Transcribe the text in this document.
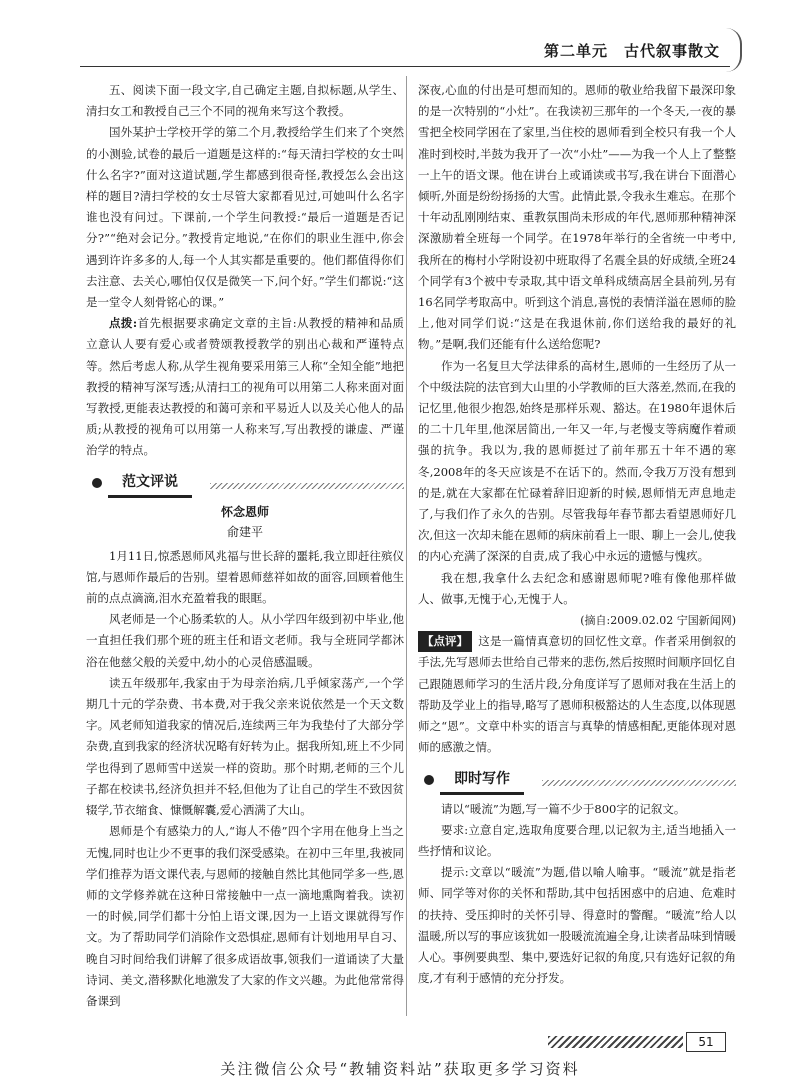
第二单元　古代叙事散文

五、阅读下面一段文字,自己确定主题,自拟标题,从学生、清扫女工和教授自己三个不同的视角来写这个教授。

国外某护士学校开学的第二个月,教授给学生们来了个突然的小测验,试卷的最后一道题是这样的:“每天清扫学校的女士叫什么名字?”面对这道试题,学生都感到很奇怪,教授怎么会出这样的题目?清扫学校的女士尽管大家都看见过,可她叫什么名字谁也没有问过。下课前,一个学生问教授:“最后一道题是否记分?”“绝对会记分。”教授肯定地说,“在你们的职业生涯中,你会遇到许许多多的人,每一个人其实都是重要的。他们都值得你们去注意、去关心,哪怕仅仅是微笑一下,问个好。”学生们都说:“这是一堂令人刻骨铭心的课。”

点拨:首先根据要求确定文章的主旨:从教授的精神和品质立意认人要有爱心或者赞颂教授教学的别出心裁和严谨特点等。然后考虑人称,从学生视角要采用第三人称“全知全能”地把教授的精神写深写透;从清扫工的视角可以用第二人称来面对面写教授,更能表达教授的和蔼可亲和平易近人以及关心他人的品质;从教授的视角可以用第一人称来写,写出教授的谦虚、严谨治学的特点。

范文评说
怀念恩师
俞建平

1月11日,惊悉恩师风兆福与世长辞的噩耗,我立即赶往殡仪馆,与恩师作最后的告别。望着恩师慈祥如故的面容,回顾着他生前的点点滴滴,泪水充盈着我的眼眶。

风老师是一个心肠柔软的人。从小学四年级到初中毕业,他一直担任我们那个班的班主任和语文老师。我与全班同学都沐浴在他慈父般的关爱中,幼小的心灵倍感温暖。

读五年级那年,我家由于为母亲治病,几乎倾家荡产,一个学期几十元的学杂费、书本费,对于我父亲来说依然是一个天文数字。风老师知道我家的情况后,连续两三年为我垫付了大部分学杂费,直到我家的经济状况略有好转为止。据我所知,班上不少同学也得到了恩师雪中送炭一样的资助。那个时期,老师的三个儿子都在校读书,经济负担并不轻,但他为了让自己的学生不致因贫辍学,节衣缩食、慷慨解囊,爱心洒满了大山。

恩师是个有感染力的人,“诲人不倦”四个字用在他身上当之无愧,同时也让少不更事的我们深受感染。在初中三年里,我被同学们推荐为语文课代表,与恩师的接触自然比其他同学多一些,恩师的文学修养就在这种日常接触中一点一滴地熏陶着我。读初一的时候,同学们都十分怕上语文课,因为一上语文课就得写作文。为了帮助同学们消除作文恐惧症,恩师有计划地用早自习、晚自习时间给我们讲解了很多成语故事,领我们一道诵读了大量诗词、美文,潜移默化地激发了大家的作文兴趣。为此他常常得备课到

深夜,心血的付出是可想而知的。恩师的敬业给我留下最深印象的是一次特别的“小灶”。在我读初三那年的一个冬天,一夜的暴雪把全校同学困在了家里,当住校的恩师看到全校只有我一个人准时到校时,半鼓为我开了一次“小灶”——为我一个人上了整整一上午的语文课。他在讲台上或诵读或书写,我在讲台下面潜心倾听,外面是纷纷扬扬的大雪。此情此景,令我永生难忘。在那个十年动乱刚刚结束、重教氛围尚未形成的年代,恩师那种精神深深激励着全班每一个同学。在1978年举行的全省统一中考中,我所在的梅村小学附设初中班取得了名震全县的好成绩,全班24个同学有3个被中专录取,其中语文单科成绩高居全县前列,另有16名同学考取高中。听到这个消息,喜悦的表情洋溢在恩师的脸上,他对同学们说:“这是在我退休前,你们送给我的最好的礼物。”是啊,我们还能有什么送给您呢?

作为一名复旦大学法律系的高材生,恩师的一生经历了从一个中级法院的法官到大山里的小学教师的巨大落差,然而,在我的记忆里,他很少抱怨,始终是那样乐观、豁达。在1980年退休后的二十几年里,他深居简出,一年又一年,与老慢支等病魔作着顽强的抗争。我以为,我的恩师挺过了前年那五十年不遇的寒冬,2008年的冬天应该是不在话下的。然而,令我万万没有想到的是,就在大家都在忙碌着辞旧迎新的时候,恩师悄无声息地走了,与我们作了永久的告别。尽管我每年春节都去看望恩师好几次,但这一次却未能在恩师的病床前看上一眼、聊上一会儿,使我的内心充满了深深的自责,成了我心中永远的遗憾与愧疚。

我在想,我拿什么去纪念和感谢恩师呢?唯有像他那样做人、做事,无愧于心,无愧于人。

(摘自:2009.02.02 宁国新闻网)

【点评】 这是一篇情真意切的回忆性文章。作者采用倒叙的手法,先写恩师去世给自己带来的悲伤,然后按照时间顺序回忆自己跟随恩师学习的生活片段,分角度详写了恩师对我在生活上的帮助及学业上的指导,略写了恩师积极豁达的人生态度,以体现恩师之“恩”。文章中朴实的语言与真挚的情感相配,更能体现对恩师的感激之情。

即时写作

请以“暖流”为题,写一篇不少于800字的记叙文。

要求:立意自定,选取角度要合理,以记叙为主,适当地插入一些抒情和议论。

提示:文章以“暖流”为题,借以喻人喻事。“暖流”就是指老师、同学等对你的关怀和帮助,其中包括困惑中的启迪、危难时的扶持、受压抑时的关怀引导、得意时的警醒。“暖流”给人以温暖,所以写的事应该犹如一股暖流流遍全身,让读者品味到情暖人心。事例要典型、集中,要选好记叙的角度,只有选好记叙的角度,才有利于感情的充分抒发。

51
关注微信公众号“教辅资料站”获取更多学习资料
